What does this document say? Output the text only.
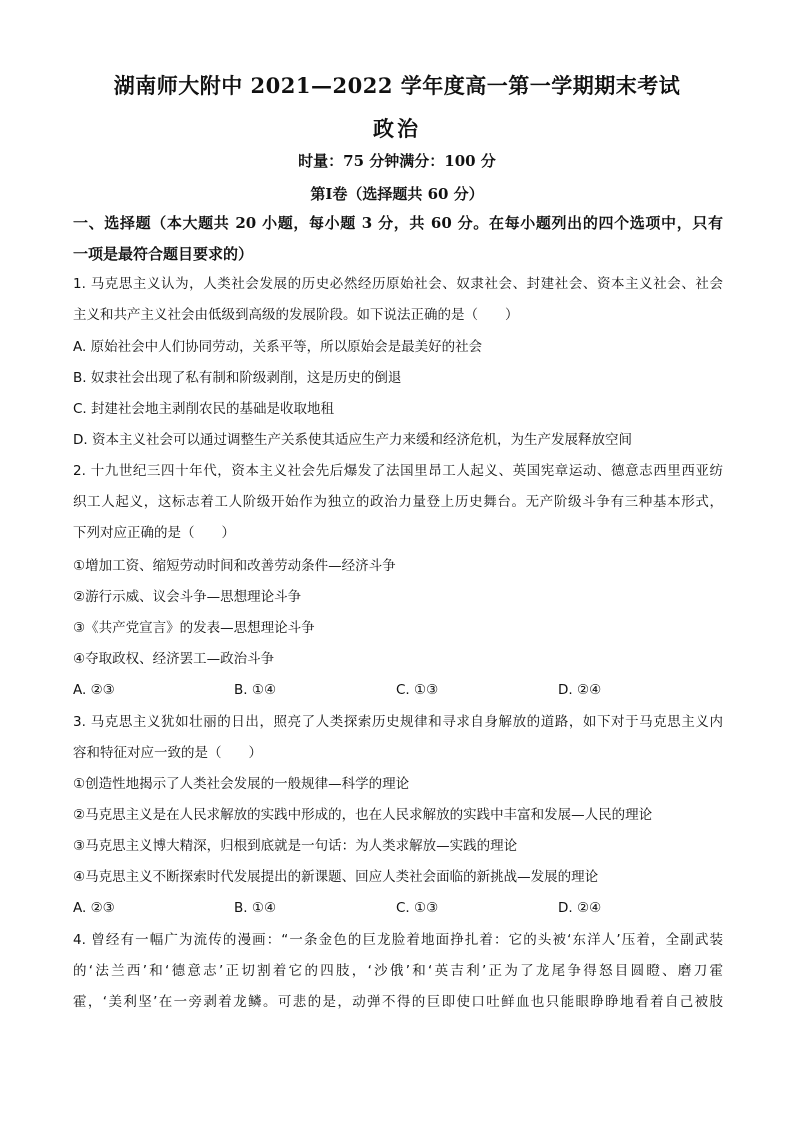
湖南师大附中 2021—2022 学年度高一第一学期期末考试
政治
时量：75 分钟满分：100 分
第Ⅰ卷（选择题共 60 分）
一、选择题（本大题共 20 小题，每小题 3 分，共 60 分。在每小题列出的四个选项中，只有
一项是最符合题目要求的）
1. 马克思主义认为，人类社会发展的历史必然经历原始社会、奴隶社会、封建社会、资本主义社会、社会
主义和共产主义社会由低级到高级的发展阶段。如下说法正确的是（　　）
A. 原始社会中人们协同劳动，关系平等，所以原始会是最美好的社会
B. 奴隶社会出现了私有制和阶级剥削，这是历史的倒退
C. 封建社会地主剥削农民的基础是收取地租
D. 资本主义社会可以通过调整生产关系使其适应生产力来缓和经济危机，为生产发展释放空间
2. 十九世纪三四十年代，资本主义社会先后爆发了法国里昂工人起义、英国宪章运动、德意志西里西亚纺
织工人起义，这标志着工人阶级开始作为独立的政治力量登上历史舞台。无产阶级斗争有三种基本形式，
下列对应正确的是（　　）
①增加工资、缩短劳动时间和改善劳动条件—经济斗争
②游行示威、议会斗争—思想理论斗争
③《共产党宣言》的发表—思想理论斗争
④夺取政权、经济罢工—政治斗争
A. ②③	B. ①④	C. ①③	D. ②④
3. 马克思主义犹如壮丽的日出，照亮了人类探索历史规律和寻求自身解放的道路，如下对于马克思主义内
容和特征对应一致的是（　　）
①创造性地揭示了人类社会发展的一般规律—科学的理论
②马克思主义是在人民求解放的实践中形成的，也在人民求解放的实践中丰富和发展—人民的理论
③马克思主义博大精深，归根到底就是一句话：为人类求解放—实践的理论
④马克思主义不断探索时代发展提出的新课题、回应人类社会面临的新挑战—发展的理论
A. ②③	B. ①④	C. ①③	D. ②④
4. 曾经有一幅广为流传的漫画：“一条金色的巨龙脸着地面挣扎着：它的头被‘东洋人’压着，全副武装
的‘法兰西’和‘德意志’正切割着它的四肢，‘沙俄’和‘英吉利’正为了龙尾争得怒目圆瞪、磨刀霍
霍，‘美利坚’在一旁剥着龙鳞。可悲的是，动弹不得的巨即使口吐鲜血也只能眼睁睁地看着自己被肢
